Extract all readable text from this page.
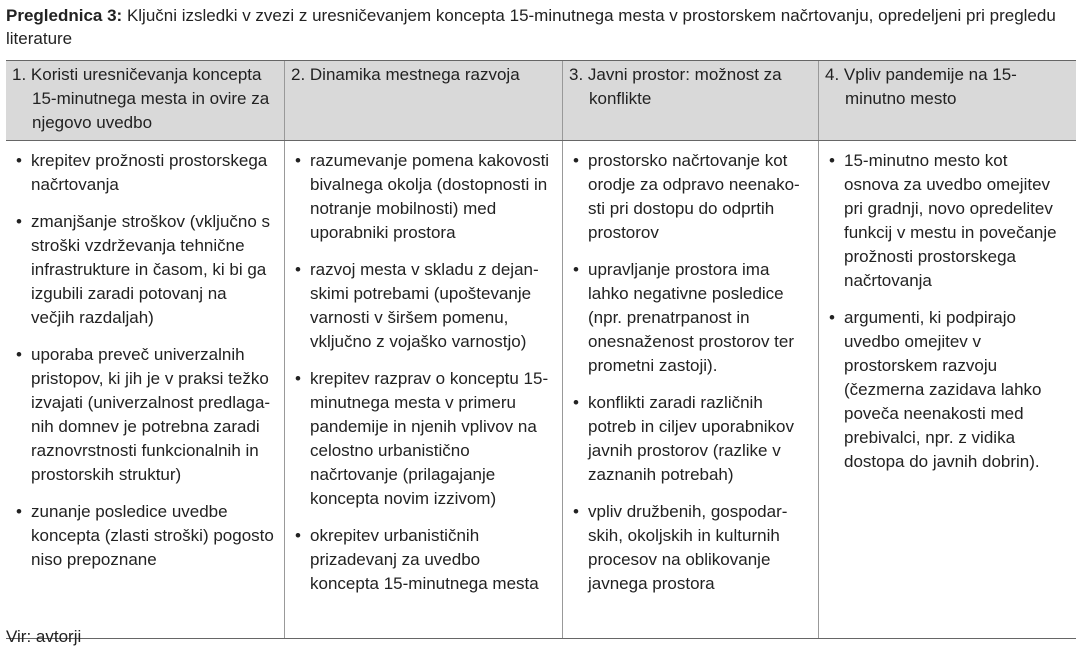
Preglednica 3: Ključni izsledki v zvezi z uresničevanjem koncepta 15-minutnega mesta v prostorskem načrtovanju, opredeljeni pri pregledu literature
1. Koristi uresničevanja koncepta 15-minutnega mesta in ovire za njegovo uvedbo
2. Dinamika mestnega razvoja	3. Javni prostor: možnost za konflikte
4. Vpliv pandemije na 15-minutno mesto
• krepitev prožnosti prostorskega načrtovanja
• zmanjšanje stroškov (vključno s stroški vzdrževanja tehnične infrastrukture in časom, ki bi ga izgubili zaradi potovanj na večjih razdaljah)
• uporaba preveč univerzalnih pristopov, ki jih je v praksi težko izvajati (univerzalnost predlaganih domnev je potrebna zaradi raznovrstnosti funkcionalnih in prostorskih struktur)
• zunanje posledice uvedbe koncepta (zlasti stroški) pogosto niso prepoznane
• razumevanje pomena kakovosti bivalnega okolja (dostopnosti in notranje mobilnosti) med uporabniki prostora
• razvoj mesta v skladu z dejanskimi potrebami (upoštevanje varnosti v širšem pomenu, vključno z vojaško varnostjo)
• krepitev razprav o konceptu 15-minutnega mesta v primeru pandemije in njenih vplivov na celostno urbanistično načrtovanje (prilagajanje koncepta novim izzivom)
• okrepitev urbanističnih prizadevanj za uvedbo koncepta 15-minutnega mesta
• prostorsko načrtovanje kot orodje za odpravo neenakosti pri dostopu do odprtih prostorov
• upravljanje prostora ima lahko negativne posledice (npr. prenatrpanost in onesnaženost prostorov ter prometni zastoji).
• konflikti zaradi različnih potreb in ciljev uporabnikov javnih prostorov (razlike v zaznanih potrebah)
• vpliv družbenih, gospodarskih, okoljskih in kulturnih procesov na oblikovanje javnega prostora
• 15-minutno mesto kot osnova za uvedbo omejitev pri gradnji, novo opredelitev funkcij v mestu in povečanje prožnosti prostorskega načrtovanja
• argumenti, ki podpirajo uvedbo omejitev v prostorskem razvoju (čezmerna zazidava lahko poveča neenakosti med prebivalci, npr. z vidika dostopa do javnih dobrin).
Vir: avtorji
